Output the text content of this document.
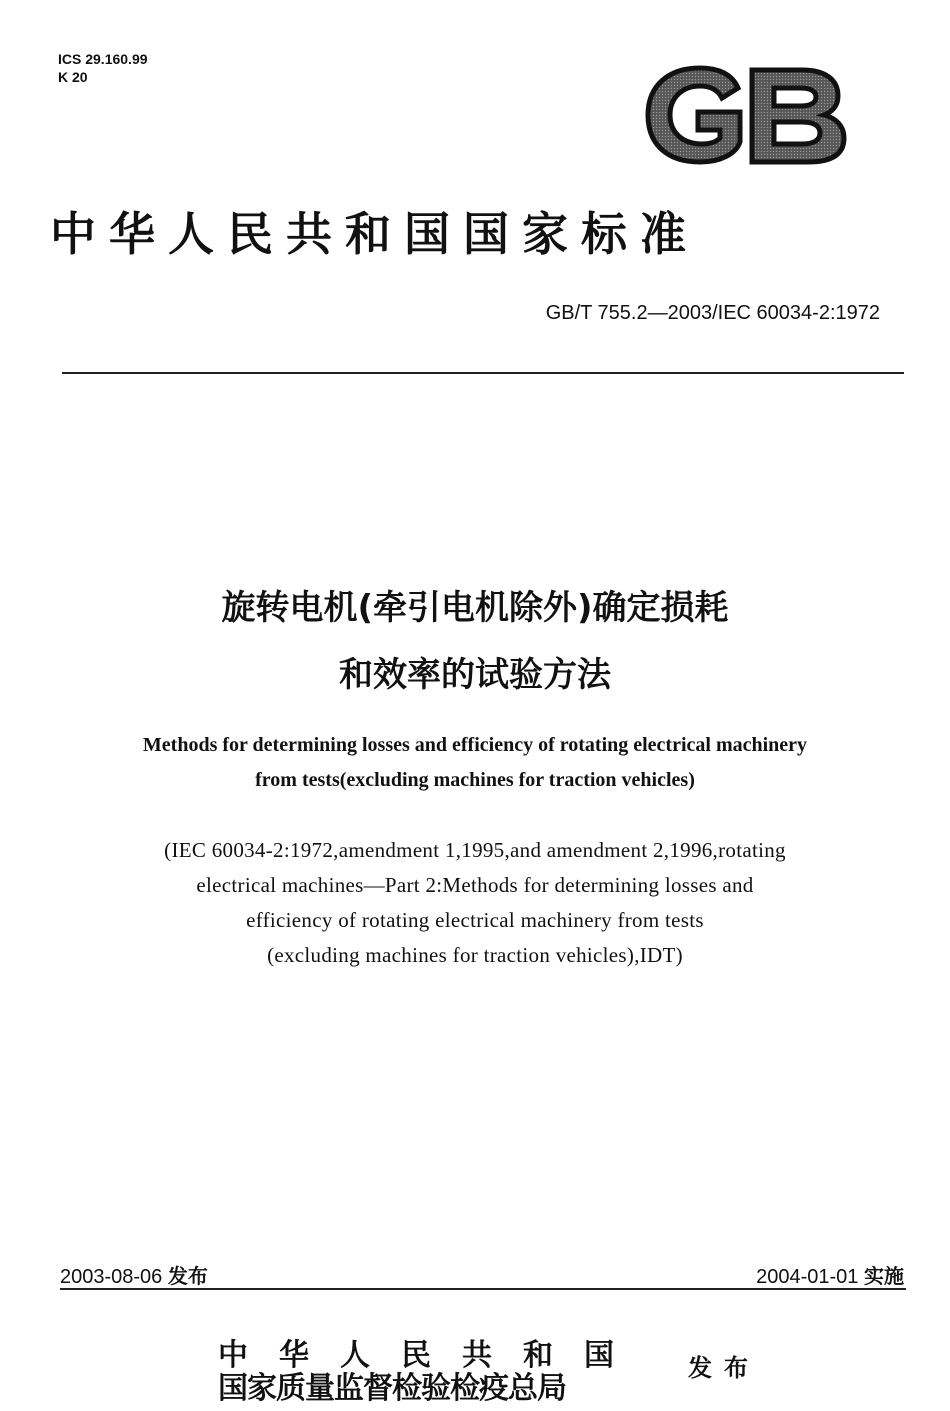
ICS 29.160.99
K 20
中华人民共和国国家标准
GB/T 755.2—2003/IEC 60034-2:1972
旋转电机(牵引电机除外)确定损耗
和效率的试验方法
Methods for determining losses and efficiency of rotating electrical machinery
from tests(excluding machines for traction vehicles)
(IEC 60034-2:1972,amendment 1,1995,and amendment 2,1996,rotating
electrical machines—Part 2:Methods for determining losses and
efficiency of rotating electrical machinery from tests
(excluding machines for traction vehicles),IDT)
2003-08-06 发布	2004-01-01 实施
中华人民共和国
国家质量监督检验检疫总局
发布
